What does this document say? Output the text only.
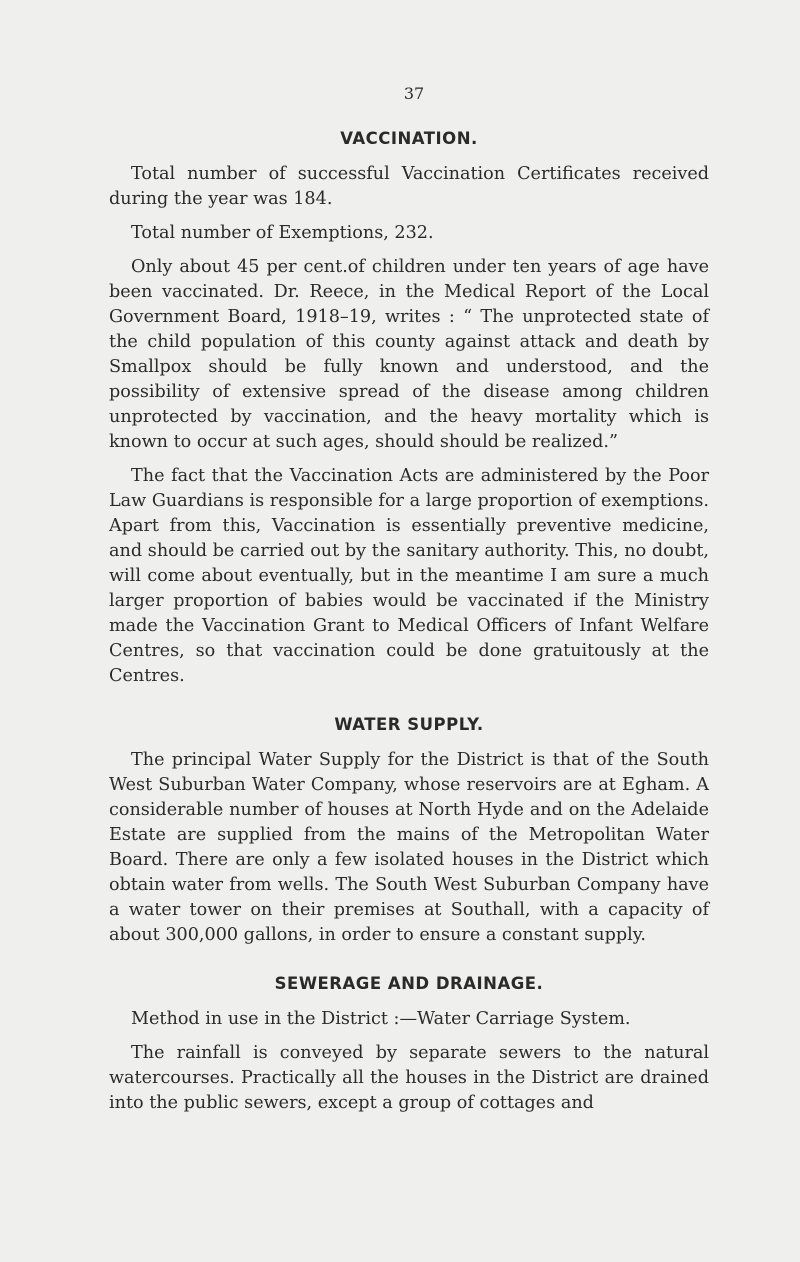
37
VACCINATION.

Total number of successful Vaccination Certificates received during the year was 184.

Total number of Exemptions, 232.

Only about 45 per cent.of children under ten years of age have been vaccinated. Dr. Reece, in the Medical Report of the Local Government Board, 1918–19, writes : “ The unprotected state of the child population of this county against attack and death by Smallpox should be fully known and understood, and the possibility of extensive spread of the disease among children unprotected by vaccination, and the heavy mortality which is known to occur at such ages, should should be realized.”

The fact that the Vaccination Acts are administered by the Poor Law Guardians is responsible for a large proportion of exemptions. Apart from this, Vaccination is essentially preventive medicine, and should be carried out by the sanitary authority. This, no doubt, will come about eventually, but in the meantime I am sure a much larger proportion of babies would be vaccinated if the Ministry made the Vaccination Grant to Medical Officers of Infant Welfare Centres, so that vaccination could be done gratuitously at the Centres.

WATER SUPPLY.

The principal Water Supply for the District is that of the South West Suburban Water Company, whose reservoirs are at Egham. A considerable number of houses at North Hyde and on the Adelaide Estate are supplied from the mains of the Metropolitan Water Board. There are only a few isolated houses in the District which obtain water from wells. The South West Suburban Company have a water tower on their premises at Southall, with a capacity of about 300,000 gallons, in order to ensure a constant supply.

SEWERAGE AND DRAINAGE.

Method in use in the District :—Water Carriage System.

The rainfall is conveyed by separate sewers to the natural watercourses. Practically all the houses in the District are drained into the public sewers, except a group of cottages and
